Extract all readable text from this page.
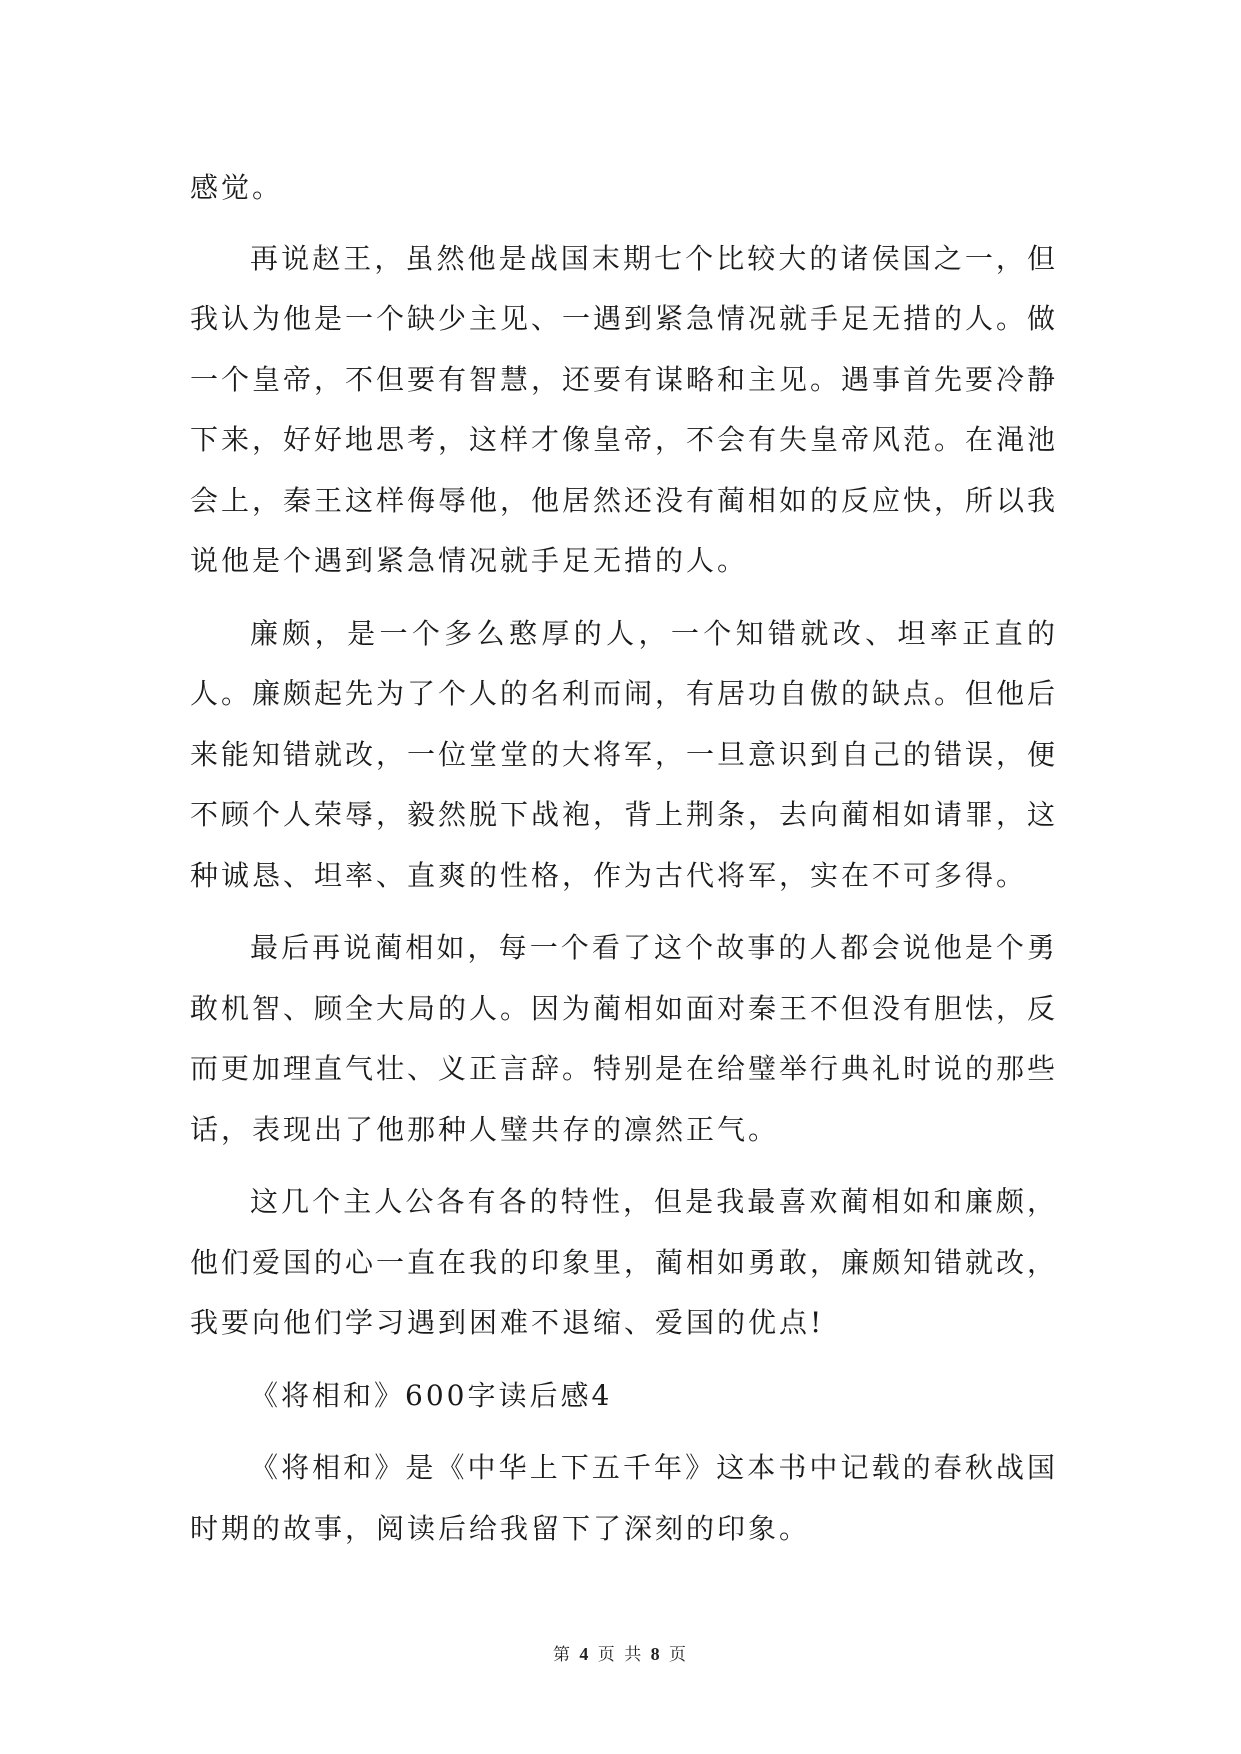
感觉。

再说赵王，虽然他是战国末期七个比较大的诸侯国之一，但我认为他是一个缺少主见、一遇到紧急情况就手足无措的人。做一个皇帝，不但要有智慧，还要有谋略和主见。遇事首先要冷静下来，好好地思考，这样才像皇帝，不会有失皇帝风范。在渑池会上，秦王这样侮辱他，他居然还没有蔺相如的反应快，所以我说他是个遇到紧急情况就手足无措的人。

廉颇，是一个多么憨厚的人，一个知错就改、坦率正直的人。廉颇起先为了个人的名利而闹，有居功自傲的缺点。但他后来能知错就改，一位堂堂的大将军，一旦意识到自己的错误，便不顾个人荣辱，毅然脱下战袍，背上荆条，去向蔺相如请罪，这种诚恳、坦率、直爽的性格，作为古代将军，实在不可多得。

最后再说蔺相如，每一个看了这个故事的人都会说他是个勇敢机智、顾全大局的人。因为蔺相如面对秦王不但没有胆怯，反而更加理直气壮、义正言辞。特别是在给璧举行典礼时说的那些话，表现出了他那种人璧共存的凛然正气。

这几个主人公各有各的特性，但是我最喜欢蔺相如和廉颇，他们爱国的心一直在我的印象里，蔺相如勇敢，廉颇知错就改，我要向他们学习遇到困难不退缩、爱国的优点!

《将相和》600字读后感4

《将相和》是《中华上下五千年》这本书中记载的春秋战国时期的故事，阅读后给我留下了深刻的印象。

第 4 页 共 8 页
